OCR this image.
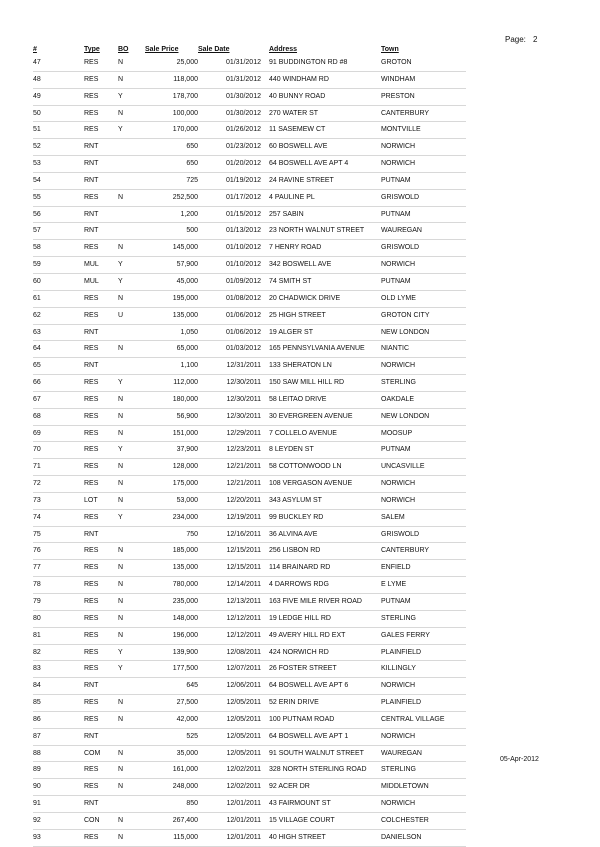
Page: 2
#	Type	BO	Sale Price	Sale Date		Address	Town
47	RES	N	25,000	01/31/2012		91 BUDDINGTON RD #8	GROTON
48	RES	N	118,000	01/31/2012		440 WINDHAM RD	WINDHAM
49	RES	Y	178,700	01/30/2012		40 BUNNY ROAD	PRESTON
50	RES	N	100,000	01/30/2012		270 WATER ST	CANTERBURY
51	RES	Y	170,000	01/26/2012		11 SASEMEW CT	MONTVILLE
52	RNT		650	01/23/2012		60 BOSWELL AVE	NORWICH
53	RNT		650	01/20/2012		64 BOSWELL AVE APT 4	NORWICH
54	RNT		725	01/19/2012		24 RAVINE STREET	PUTNAM
55	RES	N	252,500	01/17/2012		4 PAULINE PL	GRISWOLD
56	RNT		1,200	01/15/2012		257 SABIN	PUTNAM
57	RNT		500	01/13/2012		23 NORTH WALNUT STREET	WAUREGAN
58	RES	N	145,000	01/10/2012		7 HENRY ROAD	GRISWOLD
59	MUL	Y	57,900	01/10/2012		342 BOSWELL AVE	NORWICH
60	MUL	Y	45,000	01/09/2012		74 SMITH ST	PUTNAM
61	RES	N	195,000	01/08/2012		20 CHADWICK DRIVE	OLD LYME
62	RES	U	135,000	01/06/2012		25 HIGH STREET	GROTON CITY
63	RNT		1,050	01/06/2012		19 ALGER ST	NEW LONDON
64	RES	N	65,000	01/03/2012		165 PENNSYLVANIA AVENUE	NIANTIC
65	RNT		1,100	12/31/2011		133 SHERATON LN	NORWICH
66	RES	Y	112,000	12/30/2011		150 SAW MILL HILL RD	STERLING
67	RES	N	180,000	12/30/2011		58 LEITAO DRIVE	OAKDALE
68	RES	N	56,900	12/30/2011		30 EVERGREEN AVENUE	NEW LONDON
69	RES	N	151,000	12/29/2011		7 COLLELO AVENUE	MOOSUP
70	RES	Y	37,900	12/23/2011		8 LEYDEN ST	PUTNAM
71	RES	N	128,000	12/21/2011		58 COTTONWOOD LN	UNCASVILLE
72	RES	N	175,000	12/21/2011		108 VERGASON AVENUE	NORWICH
73	LOT	N	53,000	12/20/2011		343 ASYLUM ST	NORWICH
74	RES	Y	234,000	12/19/2011		99 BUCKLEY RD	SALEM
75	RNT		750	12/16/2011		36 ALVINA AVE	GRISWOLD
76	RES	N	185,000	12/15/2011		256 LISBON RD	CANTERBURY
77	RES	N	135,000	12/15/2011		114 BRAINARD RD	ENFIELD
78	RES	N	780,000	12/14/2011		4 DARROWS RDG	E LYME
79	RES	N	235,000	12/13/2011		163 FIVE MILE RIVER ROAD	PUTNAM
80	RES	N	148,000	12/12/2011		19 LEDGE HILL RD	STERLING
81	RES	N	196,000	12/12/2011		49 AVERY HILL RD EXT	GALES FERRY
82	RES	Y	139,900	12/08/2011		424 NORWICH RD	PLAINFIELD
83	RES	Y	177,500	12/07/2011		26 FOSTER STREET	KILLINGLY
84	RNT		645	12/06/2011		64 BOSWELL AVE APT 6	NORWICH
85	RES	N	27,500	12/05/2011		52 ERIN DRIVE	PLAINFIELD
86	RES	N	42,000	12/05/2011		100 PUTNAM ROAD	CENTRAL VILLAGE
87	RNT		525	12/05/2011		64 BOSWELL AVE APT 1	NORWICH
88	COM	N	35,000	12/05/2011		91 SOUTH WALNUT STREET	WAUREGAN
89	RES	N	161,000	12/02/2011		328 NORTH STERLING ROAD	STERLING
90	RES	N	248,000	12/02/2011		92 ACER DR	MIDDLETOWN
91	RNT		850	12/01/2011		43 FAIRMOUNT ST	NORWICH
92	CON	N	267,400	12/01/2011		15 VILLAGE COURT	COLCHESTER
93	RES	N	115,000	12/01/2011		40 HIGH STREET	DANIELSON
05-Apr-2012
